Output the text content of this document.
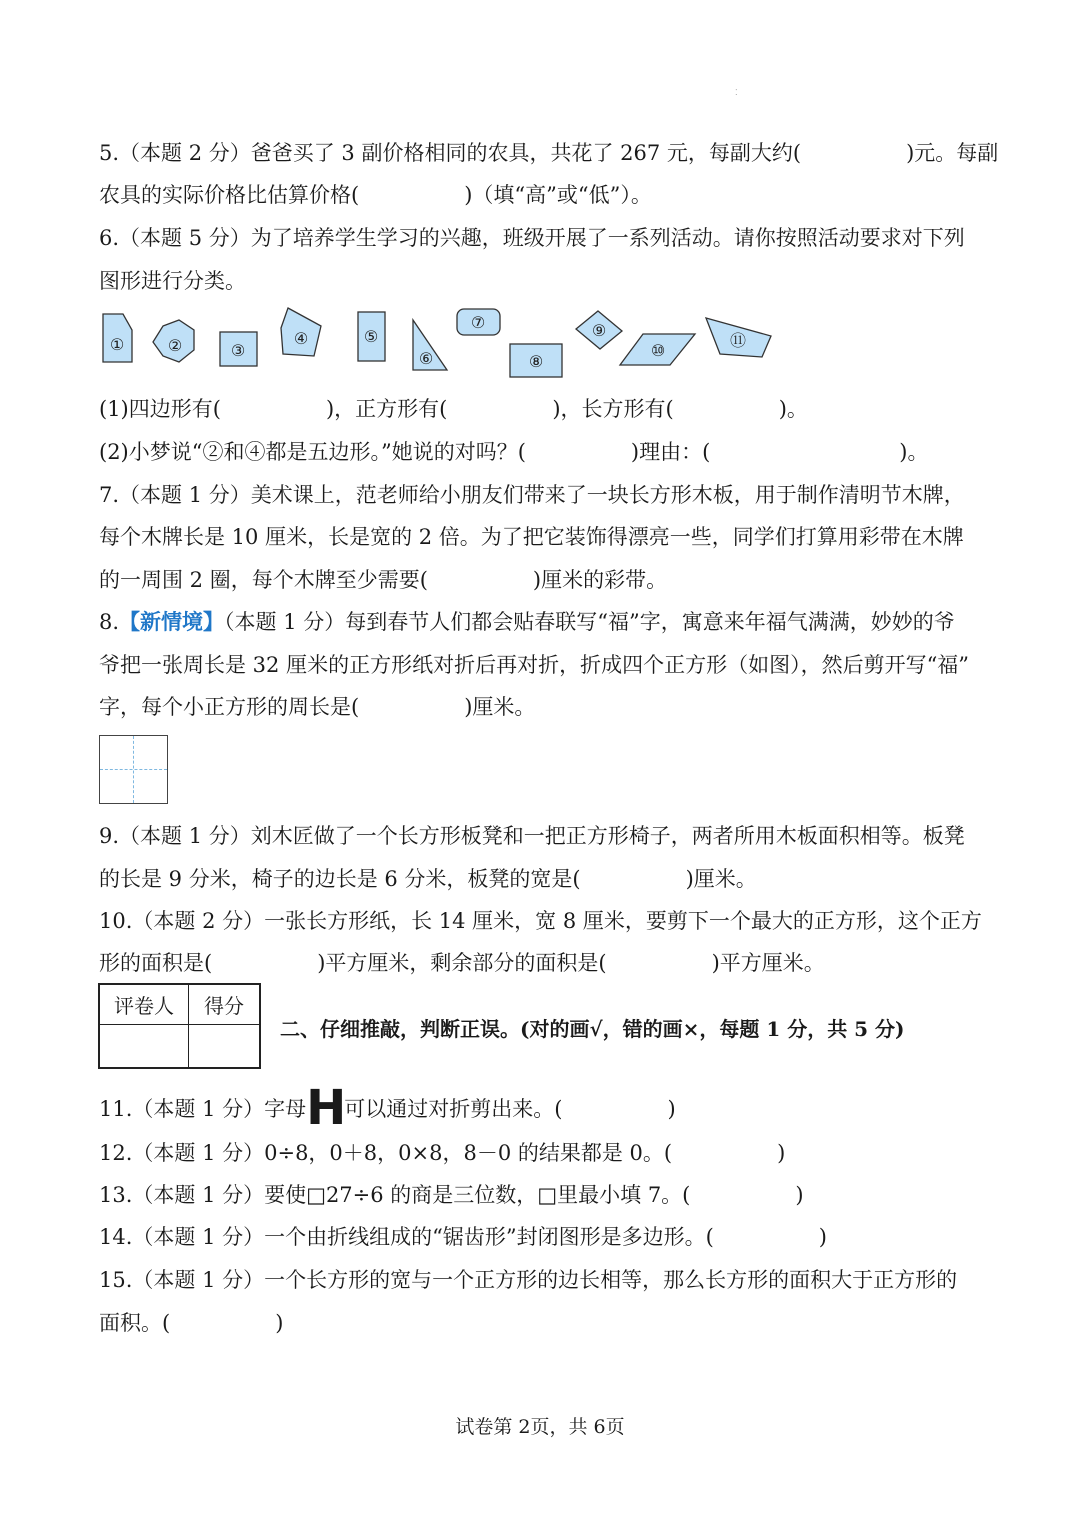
⁚
5.（本题 2 分）爸爸买了 3 副价格相同的农具，共花了 267 元，每副大约(　　　　　)元。每副
农具的实际价格比估算价格(　　　　　)（填“高”或“低”）。
6.（本题 5 分）为了培养学生学习的兴趣，班级开展了一系列活动。请你按照活动要求对下列
图形进行分类。
①	②	③
④	⑤
⑥
⑦
⑧
⑨
⑩
⑪
(1)四边形有(　　　　　)，正方形有(　　　　　)，长方形有(　　　　　)。
(2)小梦说“②和④都是五边形。”她说的对吗？(　　　　　)理由：(　　　　　　　　　)。
7.（本题 1 分）美术课上，范老师给小朋友们带来了一块长方形木板，用于制作清明节木牌，
每个木牌长是 10 厘米，长是宽的 2 倍。为了把它装饰得漂亮一些，同学们打算用彩带在木牌
的一周围 2 圈，每个木牌至少需要(　　　　　)厘米的彩带。
8.【新情境】（本题 1 分）每到春节人们都会贴春联写“福”字，寓意来年福气满满，妙妙的爷
爷把一张周长是 32 厘米的正方形纸对折后再对折，折成四个正方形（如图），然后剪开写“福”
字，每个小正方形的周长是(　　　　　)厘米。
9.（本题 1 分）刘木匠做了一个长方形板凳和一把正方形椅子，两者所用木板面积相等。板凳
的长是 9 分米，椅子的边长是 6 分米，板凳的宽是(　　　　　)厘米。
10.（本题 2 分）一张长方形纸，长 14 厘米，宽 8 厘米，要剪下一个最大的正方形，这个正方
形的面积是(　　　　　)平方厘米，剩余部分的面积是(　　　　　)平方厘米。
评卷人	得分

二、仔细推敲，判断正误。(对的画√，错的画×，每题 1 分，共 5 分)
11.（本题 1 分）字母H可以通过对折剪出来。(　　　　　)
12.（本题 1 分）0÷8，0＋8，0×8，8－0 的结果都是 0。(　　　　　)
13.（本题 1 分）要使□27÷6 的商是三位数，□里最小填 7。(　　　　　)
14.（本题 1 分）一个由折线组成的“锯齿形”封闭图形是多边形。(　　　　　)
15.（本题 1 分）一个长方形的宽与一个正方形的边长相等，那么长方形的面积大于正方形的
面积。(　　　　　)
试卷第 2页，共 6页
